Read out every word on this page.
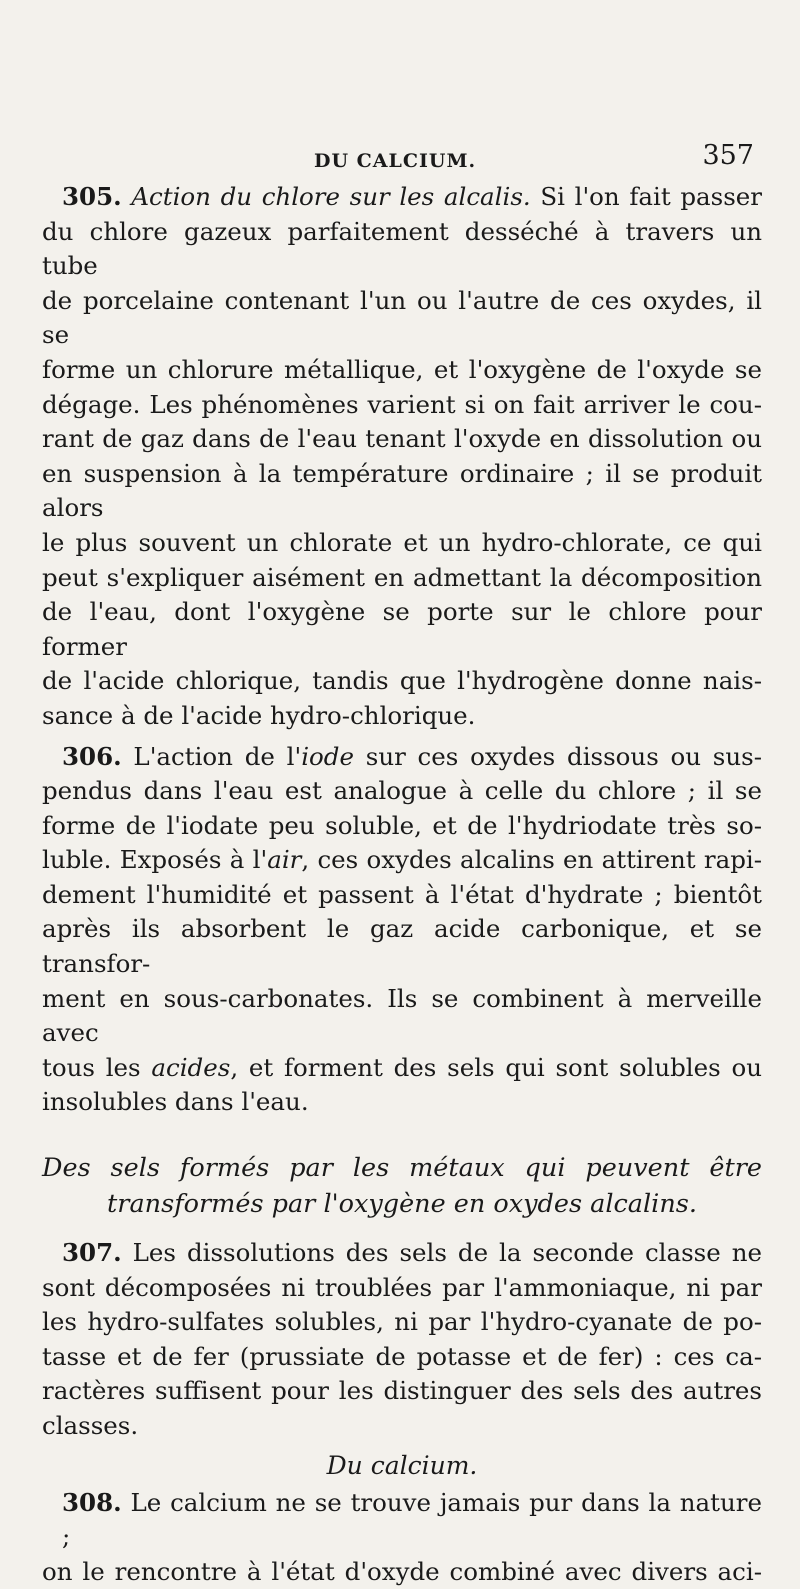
DU CALCIUM.	357
305. Action du chlore sur les alcalis. Si l'on fait passer
du chlore gazeux parfaitement desséché à travers un tube
de porcelaine contenant l'un ou l'autre de ces oxydes, il se
forme un chlorure métallique, et l'oxygène de l'oxyde se
dégage. Les phénomènes varient si on fait arriver le cou-
rant de gaz dans de l'eau tenant l'oxyde en dissolution ou
en suspension à la température ordinaire ; il se produit alors
le plus souvent un chlorate et un hydro-chlorate, ce qui
peut s'expliquer aisément en admettant la décomposition
de l'eau, dont l'oxygène se porte sur le chlore pour former
de l'acide chlorique, tandis que l'hydrogène donne nais-
sance à de l'acide hydro-chlorique.
306. L'action de l'iode sur ces oxydes dissous ou sus-
pendus dans l'eau est analogue à celle du chlore ; il se
forme de l'iodate peu soluble, et de l'hydriodate très so-
luble. Exposés à l'air, ces oxydes alcalins en attirent rapi-
dement l'humidité et passent à l'état d'hydrate ; bientôt
après ils absorbent le gaz acide carbonique, et se transfor-
ment en sous-carbonates. Ils se combinent à merveille avec
tous les acides, et forment des sels qui sont solubles ou
insolubles dans l'eau.
Des sels formés par les métaux qui peuvent être
transformés par l'oxygène en oxydes alcalins.
307. Les dissolutions des sels de la seconde classe ne
sont décomposées ni troublées par l'ammoniaque, ni par
les hydro-sulfates solubles, ni par l'hydro-cyanate de po-
tasse et de fer (prussiate de potasse et de fer) : ces ca-
ractères suffisent pour les distinguer des sels des autres
classes.
Du calcium.
308. Le calcium ne se trouve jamais pur dans la nature ;
on le rencontre à l'état d'oxyde combiné avec divers aci-
